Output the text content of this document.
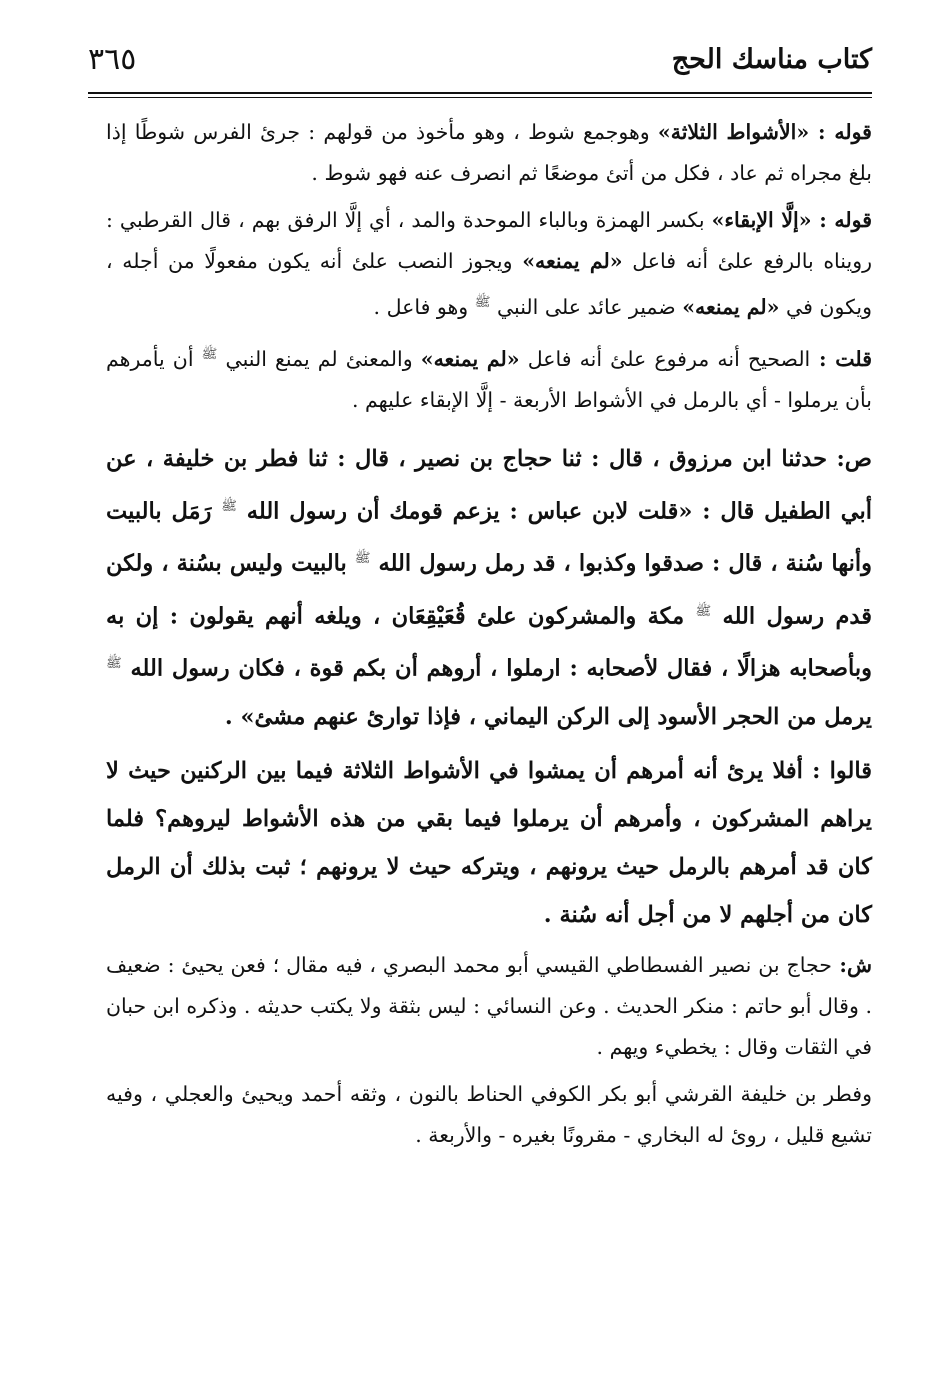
كتاب مناسك الحج
٣٦٥

قوله : «الأشواط الثلاثة» وهوجمع شوط ، وهو مأخوذ من قولهم : جرئ الفرس شوطًا إذا بلغ مجراه ثم عاد ، فكل من أتئ موضعًا ثم انصرف عنه فهو شوط .

قوله : «إلَّا الإبقاء» بكسر الهمزة وبالباء الموحدة والمد ، أي إلَّا الرفق بهم ، قال القرطبي : رويناه بالرفع علئ أنه فاعل «لم يمنعه» ويجوز النصب علئ أنه يكون مفعولًا من أجله ، ويكون في «لم يمنعه» ضمير عائد على النبي $^ﷺ$ وهو فاعل .

قلت : الصحيح أنه مرفوع علئ أنه فاعل «لم يمنعه» والمعنئ لم يمنع النبي $^ﷺ$ أن يأمرهم بأن يرملوا - أي بالرمل في الأشواط الأربعة - إلَّا الإبقاء عليهم .

ص: حدثنا ابن مرزوق ، قال : ثنا حجاج بن نصير ، قال : ثنا فطر بن خليفة ، عن أبي الطفيل قال : «قلت لابن عباس : يزعم قومك أن رسول الله $^ﷺ$ رَمَل بالبيت وأنها سُنة ، قال : صدقوا وكذبوا ، قد رمل رسول الله $^ﷺ$ بالبيت وليس بسُنة ، ولكن قدم رسول الله $^ﷺ$ مكة والمشركون علئ قُعَيْقِعَان ، ويلغه أنهم يقولون : إن به وبأصحابه هزالًا ، فقال لأصحابه : ارملوا ، أروهم أن بكم قوة ، فكان رسول الله $^ﷺ$ يرمل من الحجر الأسود إلى الركن اليماني ، فإذا توارئ عنهم مشئ» .

قالوا : أفلا يرئ أنه أمرهم أن يمشوا في الأشواط الثلاثة فيما بين الركنين حيث لا يراهم المشركون ، وأمرهم أن يرملوا فيما بقي من هذه الأشواط ليروهم؟ فلما كان قد أمرهم بالرمل حيث يرونهم ، ويتركه حيث لا يرونهم ؛ ثبت بذلك أن الرمل كان من أجلهم لا من أجل أنه سُنة .

ش: حجاج بن نصير الفسطاطي القيسي أبو محمد البصري ، فيه مقال ؛ فعن يحيئ : ضعيف . وقال أبو حاتم : منكر الحديث . وعن النسائي : ليس بثقة ولا يكتب حديثه . وذكره ابن حبان في الثقات وقال : يخطيء ويهم .

وفطر بن خليفة القرشي أبو بكر الكوفي الحناط بالنون ، وثقه أحمد ويحيئ والعجلي ، وفيه تشيع قليل ، روئ له البخاري - مقرونًا بغيره - والأربعة .
